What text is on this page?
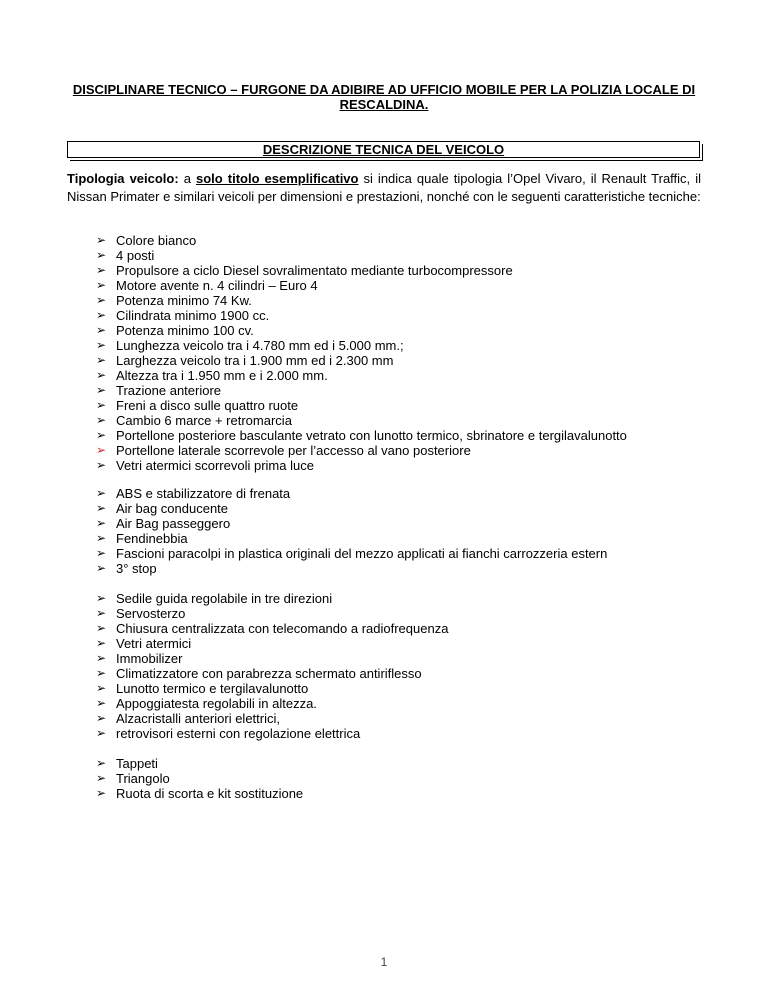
DISCIPLINARE TECNICO – FURGONE DA ADIBIRE AD UFFICIO MOBILE PER LA POLIZIA LOCALE DI RESCALDINA.
DESCRIZIONE TECNICA DEL VEICOLO
Tipologia veicolo: a solo titolo esemplificativo si indica quale tipologia l’Opel Vivaro, il Renault Traffic, il Nissan Primater e similari veicoli per dimensioni e prestazioni, nonché con le seguenti caratteristiche tecniche:
➢ Colore bianco
➢ 4 posti
➢ Propulsore a ciclo Diesel sovralimentato mediante turbocompressore
➢ Motore avente n. 4 cilindri – Euro 4
➢ Potenza minimo 74 Kw.
➢ Cilindrata minimo 1900 cc.
➢ Potenza minimo 100 cv.
➢ Lunghezza veicolo tra i 4.780 mm ed i 5.000 mm.;
➢ Larghezza veicolo tra i 1.900 mm ed i 2.300 mm
➢ Altezza tra i 1.950 mm e i 2.000 mm.
➢ Trazione anteriore
➢ Freni a disco sulle quattro ruote
➢ Cambio 6 marce + retromarcia
➢ Portellone posteriore basculante vetrato con lunotto termico, sbrinatore e tergilavalunotto
➢ Portellone laterale scorrevole per l’accesso al vano posteriore
➢ Vetri atermici scorrevoli prima luce
➢ ABS e stabilizzatore di frenata
➢ Air bag conducente
➢ Air Bag passeggero
➢ Fendinebbia
➢ Fascioni paracolpi in plastica originali del mezzo applicati ai fianchi carrozzeria estern
➢ 3° stop
➢ Sedile guida regolabile in tre direzioni
➢ Servosterzo
➢ Chiusura centralizzata con telecomando a radiofrequenza
➢ Vetri atermici
➢ Immobilizer
➢ Climatizzatore con parabrezza schermato antiriflesso
➢ Lunotto termico e tergilavalunotto
➢ Appoggiatesta regolabili in altezza.
➢ Alzacristalli anteriori elettrici,
➢ retrovisori esterni con regolazione elettrica
➢ Tappeti
➢ Triangolo
➢ Ruota di scorta e kit sostituzione
1
